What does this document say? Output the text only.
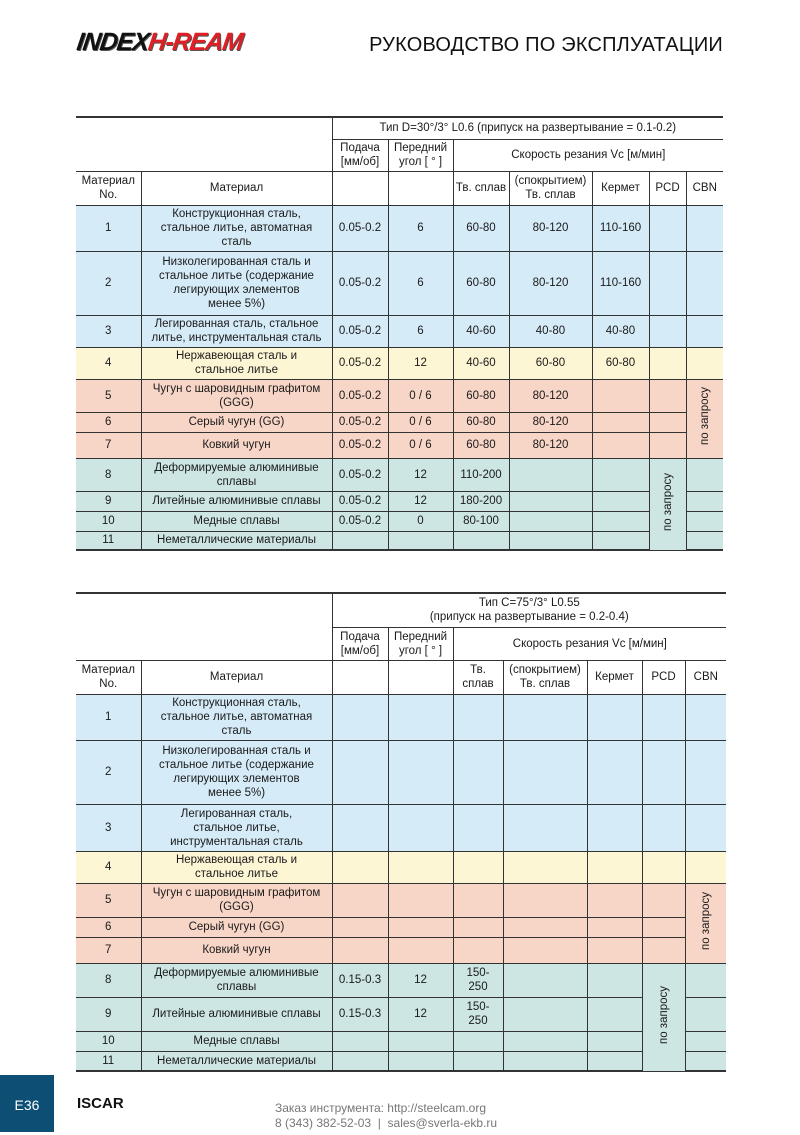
INDEXH-REAM	РУКОВОДСТВО ПО ЭКСПЛУАТАЦИИ
		Тип D=30°/3° L0.6 (припуск на развертывание = 0.1-0.2)						
		Подача [мм/об]	Передний угол [ ° ]	Скорость резания Vc [м/мин]				
Материал No.	Материал			Тв. сплав	(спокрытием) Тв. сплав	Кермет	PCD	CBN
1	Конструкционная сталь, стальное литье, автоматная сталь	0.05-0.2	6	60-80	80-120	110-160		
2	Низколегированная сталь и стальное литье (содержание легирующих элементов менее 5%)	0.05-0.2	6	60-80	80-120	110-160		
3	Легированная сталь, стальное литье, инструментальная сталь	0.05-0.2	6	40-60	40-80	40-80		
4	Нержавеющая сталь и стальное литье	0.05-0.2	12	40-60	60-80	60-80		
5	Чугун с шаровидным графитом (GGG)	0.05-0.2	0 / 6	60-80	80-120			по запросу
6	Серый чугун (GG)	0.05-0.2	0 / 6	60-80	80-120			
7	Ковкий чугун	0.05-0.2	0 / 6	60-80	80-120			
8	Деформируемые алюминивые сплавы	0.05-0.2	12	110-200			по запросу	
9	Литейные алюминивые сплавы	0.05-0.2	12	180-200				
10	Медные сплавы	0.05-0.2	0	80-100				
11	Неметаллические материалы							
		Тип C=75°/3° L0.55
(припуск на развертывание = 0.2-0.4)						
		Подача [мм/об]	Передний угол [ ° ]	Скорость резания Vc [м/мин]				
Материал No.	Материал			Тв. сплав	(спокрытием) Тв. сплав	Кермет	PCD	CBN
1	Конструкционная сталь, стальное литье, автоматная сталь							
2	Низколегированная сталь и стальное литье (содержание легирующих элементов менее 5%)							
3	Легированная сталь, стальное литье, инструментальная сталь							
4	Нержавеющая сталь и стальное литье							
5	Чугун с шаровидным графитом (GGG)							по запросу
6	Серый чугун (GG)							
7	Ковкий чугун							
8	Деформируемые алюминивые сплавы	0.15-0.3	12	150- 250			по запросу	
9	Литейные алюминивые сплавы	0.15-0.3	12	150- 250				
10	Медные сплавы							
11	Неметаллические материалы							
E36	ISCAR	Заказ инструмента: http://steelcam.org
8 (343) 382-52-03  |  sales@sverla-ekb.ru
